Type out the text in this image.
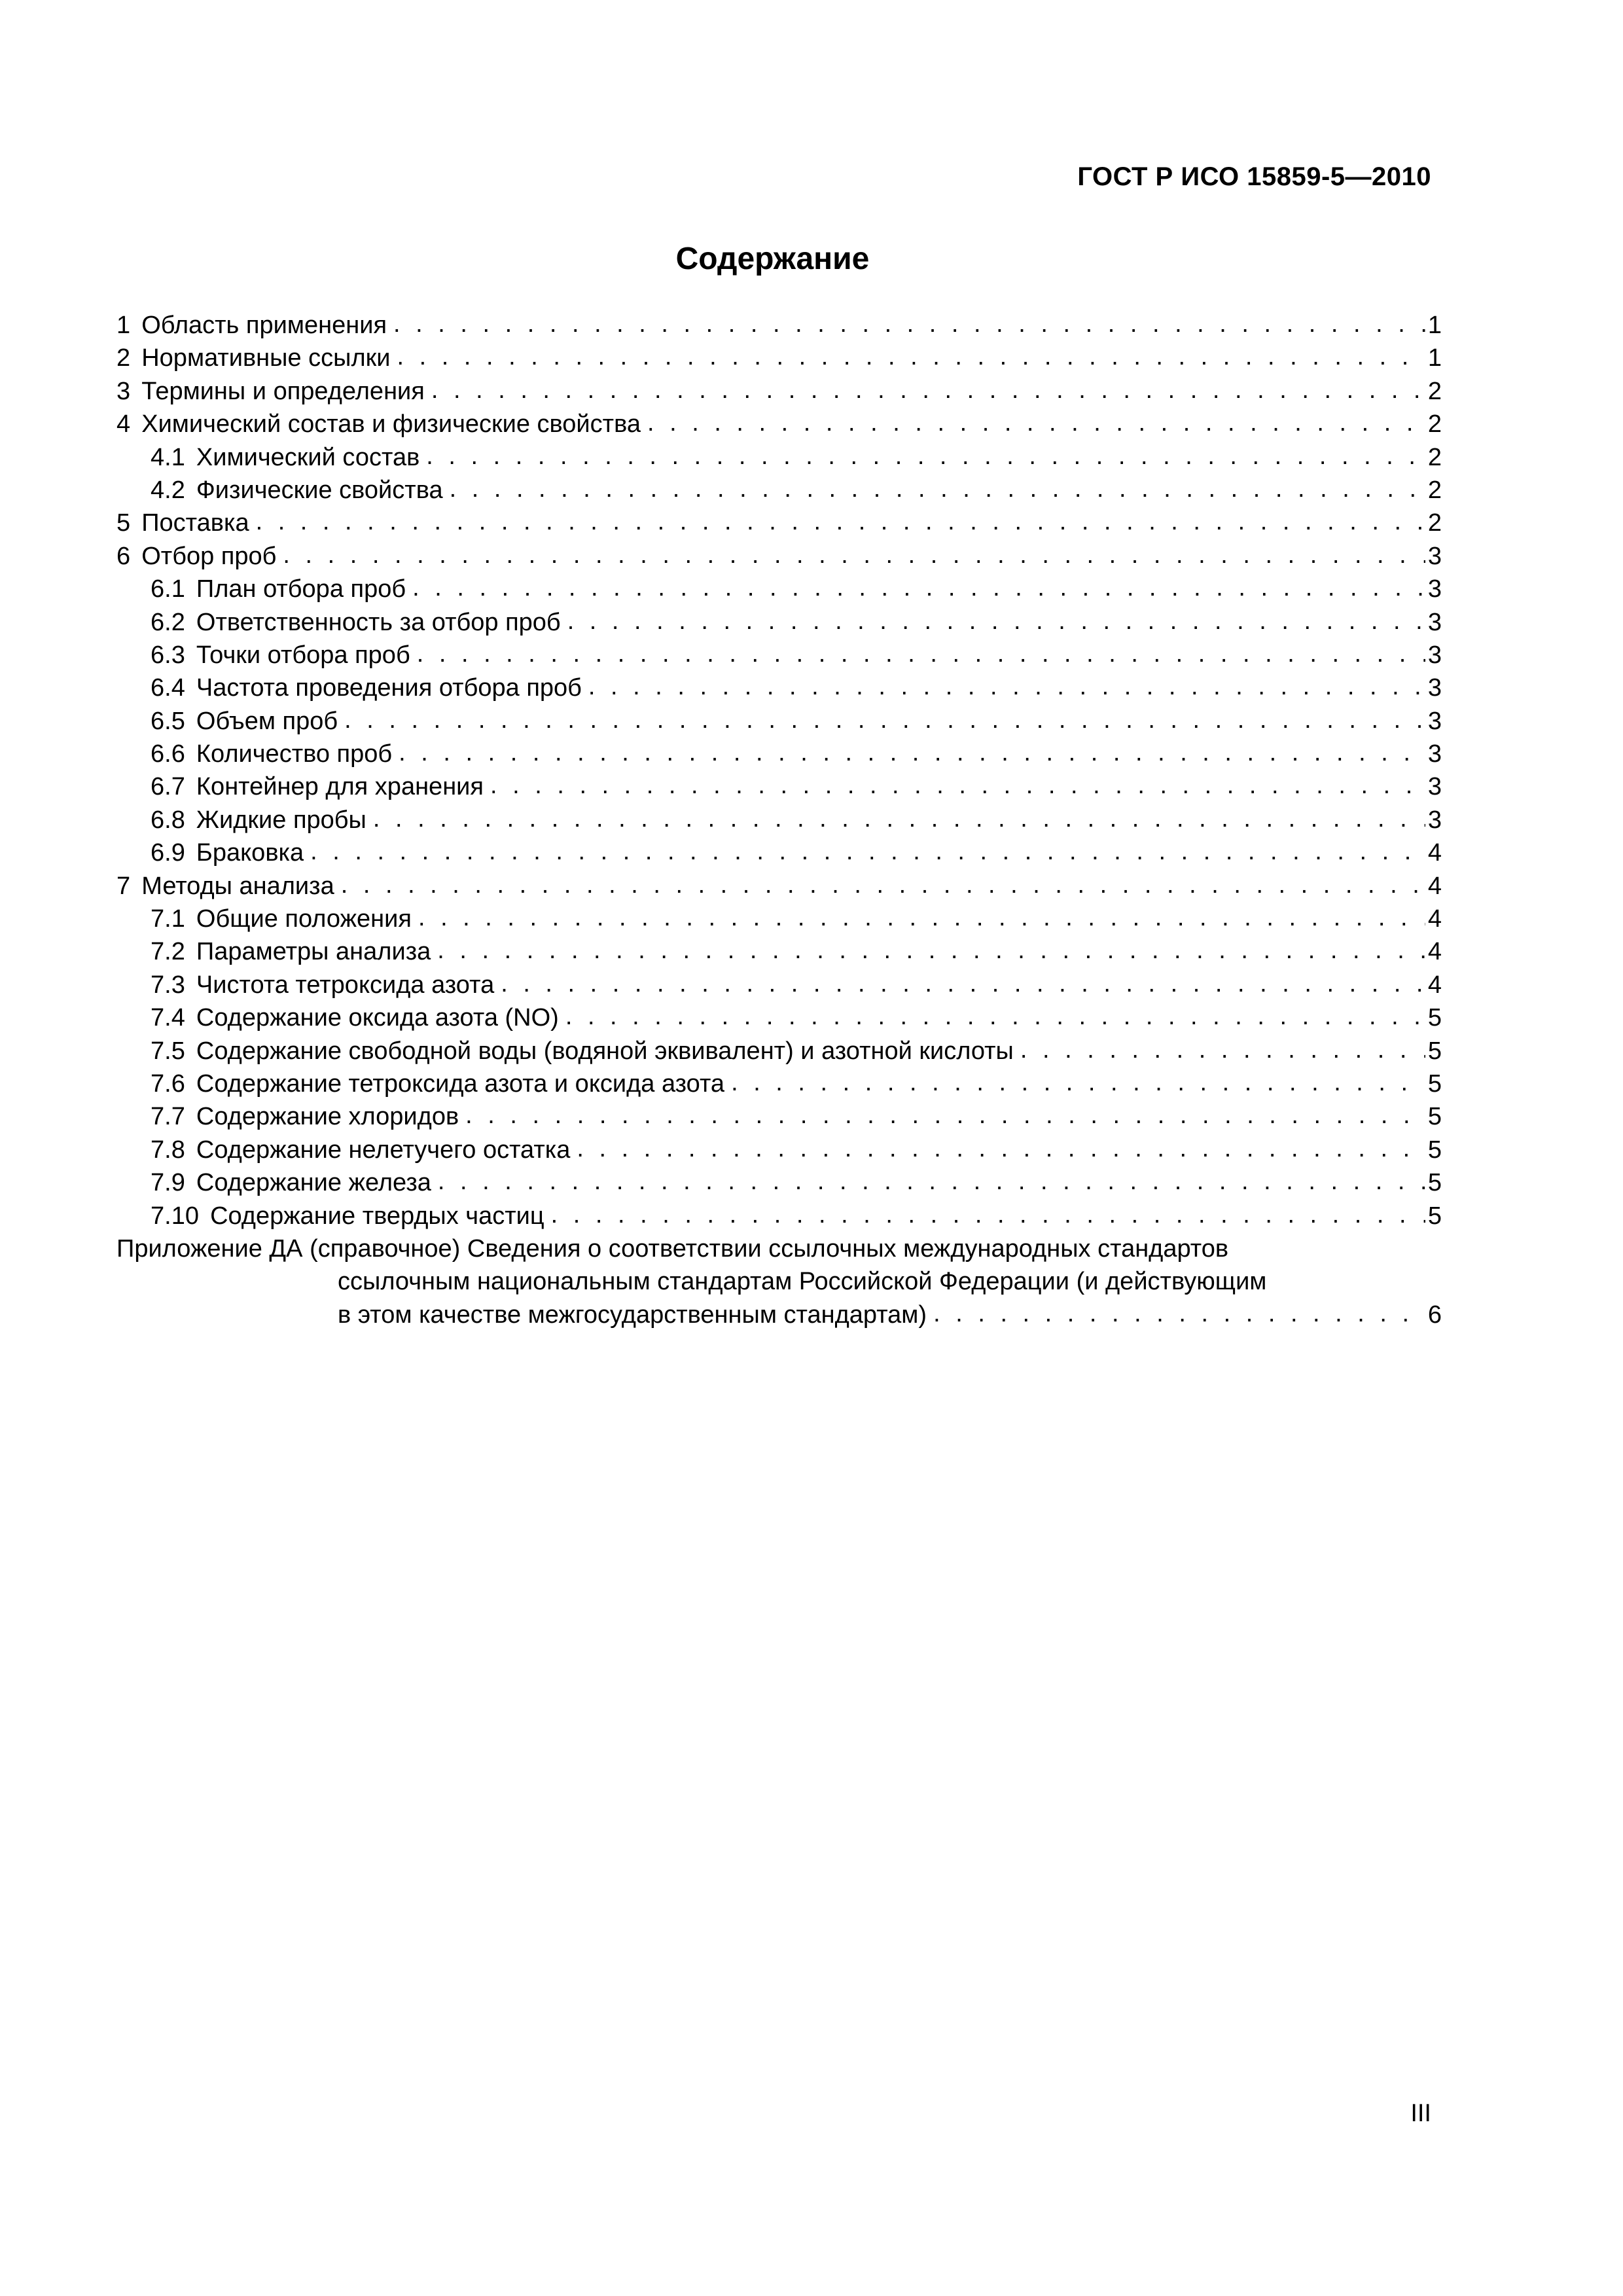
ГОСТ Р ИСО 15859-5—2010
Содержание
1 Область применения . . .	1
2 Нормативные ссылки . . .	1
3 Термины и определения . . .	2
4 Химический состав и физические свойства . . .	2
4.1 Химический состав . . .	2
4.2 Физические свойства . . .	2
5 Поставка . . .	2
6 Отбор проб . . .	3
6.1 План отбора проб . . .	3
6.2 Ответственность за отбор проб . . .	3
6.3 Точки отбора проб . . .	3
6.4 Частота проведения отбора проб . . .	3
6.5 Объем проб . . .	3
6.6 Количество проб . . .	3
6.7 Контейнер для хранения . . .	3
6.8 Жидкие пробы . . .	3
6.9 Браковка . . .	4
7 Методы анализа . . .	4
7.1 Общие положения . . .	4
7.2 Параметры анализа . . .	4
7.3 Чистота тетроксида азота . . .	4
7.4 Содержание оксида азота (NO) . . .	5
7.5 Содержание свободной воды (водяной эквивалент) и азотной кислоты . . .	5
7.6 Содержание тетроксида азота и оксида азота . . .	5
7.7 Содержание хлоридов . . .	5
7.8 Содержание нелетучего остатка . . .	5
7.9 Содержание железа . . .	5
7.10 Содержание твердых частиц . . .	5
Приложение ДА (справочное) Сведения о соответствии ссылочных международных стандартов
ссылочным национальным стандартам Российской Федерации (и действующим
в этом качестве межгосударственным стандартам) . . .	6
III
